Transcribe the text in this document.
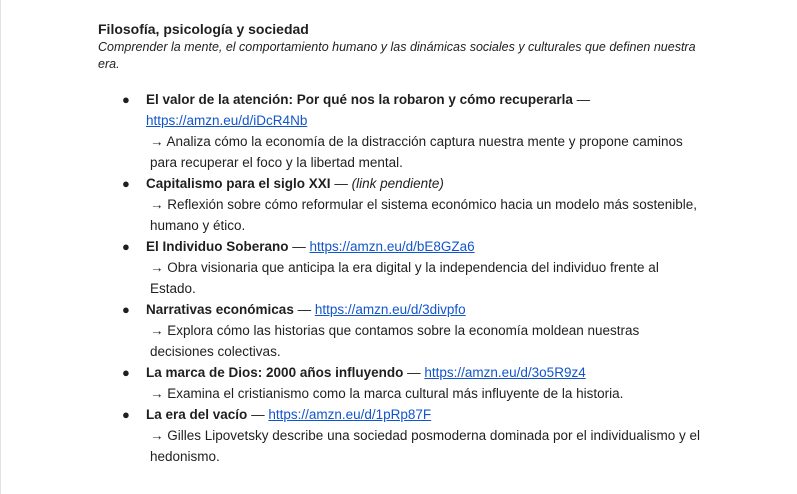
Filosofía, psicología y sociedad
Comprender la mente, el comportamiento humano y las dinámicas sociales y culturales que definen nuestra era.
● El valor de la atención: Por qué nos la robaron y cómo recuperarla —
https://amzn.eu/d/iDcR4Nb

→ Analiza cómo la economía de la distracción captura nuestra mente y propone caminos para recuperar el foco y la libertad mental.
● Capitalismo para el siglo XXI — (link pendiente)

→ Reflexión sobre cómo reformular el sistema económico hacia un modelo más sostenible, humano y ético.
● El Individuo Soberano — https://amzn.eu/d/bE8GZa6

→ Obra visionaria que anticipa la era digital y la independencia del individuo frente al Estado.
● Narrativas económicas — https://amzn.eu/d/3divpfo

→ Explora cómo las historias que contamos sobre la economía moldean nuestras decisiones colectivas.
● La marca de Dios: 2000 años influyendo — https://amzn.eu/d/3o5R9z4

→ Examina el cristianismo como la marca cultural más influyente de la historia.
● La era del vacío — https://amzn.eu/d/1pRp87F

→ Gilles Lipovetsky describe una sociedad posmoderna dominada por el individualismo y el hedonismo.
